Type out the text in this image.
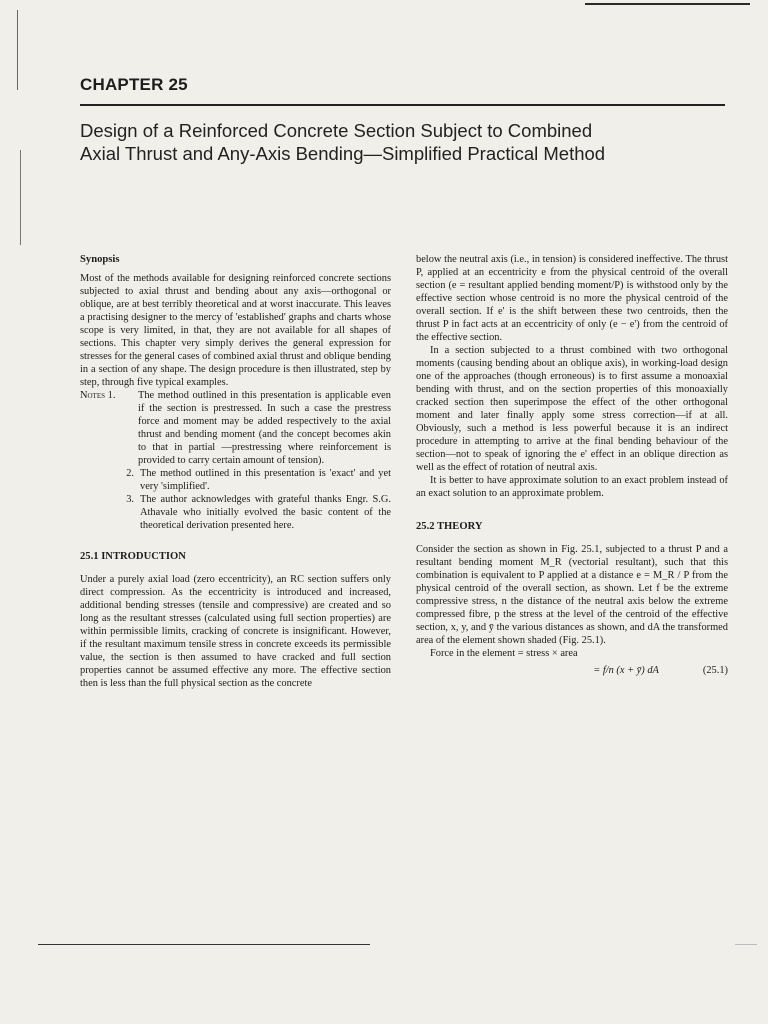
CHAPTER 25
Design of a Reinforced Concrete Section Subject to Combined
Axial Thrust and Any-Axis Bending—Simplified Practical Method

Synopsis

Most of the methods available for designing reinforced concrete sections subjected to axial thrust and bending about any axis—orthogonal or oblique, are at best terribly theoretical and at worst inaccurate. This leaves a practising designer to the mercy of 'established' graphs and charts whose scope is very limited, in that, they are not available for all shapes of sections. This chapter very simply derives the general expression for stresses for the general cases of combined axial thrust and oblique bending in a section of any shape. The design procedure is then illustrated, step by step, through five typical examples.

Notes 1.	The method outlined in this presentation is applicable even if the section is prestressed. In such a case the prestress force and moment may be added respectively to the axial thrust and bending moment (and the concept becomes akin to that in partial —prestressing where reinforcement is provided to carry certain amount of tension).
2. The method outlined in this presentation is 'exact' and yet very 'simplified'.
3. The author acknowledges with grateful thanks Engr. S.G. Athavale who initially evolved the basic content of the theoretical derivation presented here.

25.1 INTRODUCTION

Under a purely axial load (zero eccentricity), an RC section suffers only direct compression. As the eccentricity is introduced and increased, additional bending stresses (tensile and compressive) are created and so long as the resultant stresses (calculated using full section properties) are within permissible limits, cracking of concrete is insignificant. However, if the resultant maximum tensile stress in concrete exceeds its permissible value, the section is then assumed to have cracked and full section properties cannot be assumed effective any more. The effective section then is less than the full physical section as the concrete

below the neutral axis (i.e., in tension) is considered ineffective. The thrust P, applied at an eccentricity e from the physical centroid of the overall section (e = resultant applied bending moment/P) is withstood only by the effective section whose centroid is no more the physical centroid of the overall section. If e' is the shift between these two centroids, then the thrust P in fact acts at an eccentricity of only (e − e') from the centroid of the effective section.

In a section subjected to a thrust combined with two orthogonal moments (causing bending about an oblique axis), in working-load design one of the approaches (though erroneous) is to first assume a monoaxial bending with thrust, and on the section properties of this monoaxially cracked section then superimpose the effect of the other orthogonal moment and later finally apply some stress correction—if at all. Obviously, such a method is less powerful because it is an indirect procedure in attempting to arrive at the final bending behaviour of the section—not to speak of ignoring the e' effect in an oblique direction as well as the effect of rotation of neutral axis.

It is better to have approximate solution to an exact problem instead of an exact solution to an approximate problem.

25.2 THEORY

Consider the section as shown in Fig. 25.1, subjected to a thrust P and a resultant bending moment M_R (vectorial resultant), such that this combination is equivalent to P applied at a distance e = M_R / P from the physical centroid of the overall section, as shown. Let f be the extreme compressive stress, n the distance of the neutral axis below the extreme compressed fibre, p the stress at the level of the centroid of the effective section, x, y, and ȳ the various distances as shown, and dA the transformed area of the element shown shaded (Fig. 25.1).

Force in the element = stress × area

= f/n (x + ȳ) dA	(25.1)
